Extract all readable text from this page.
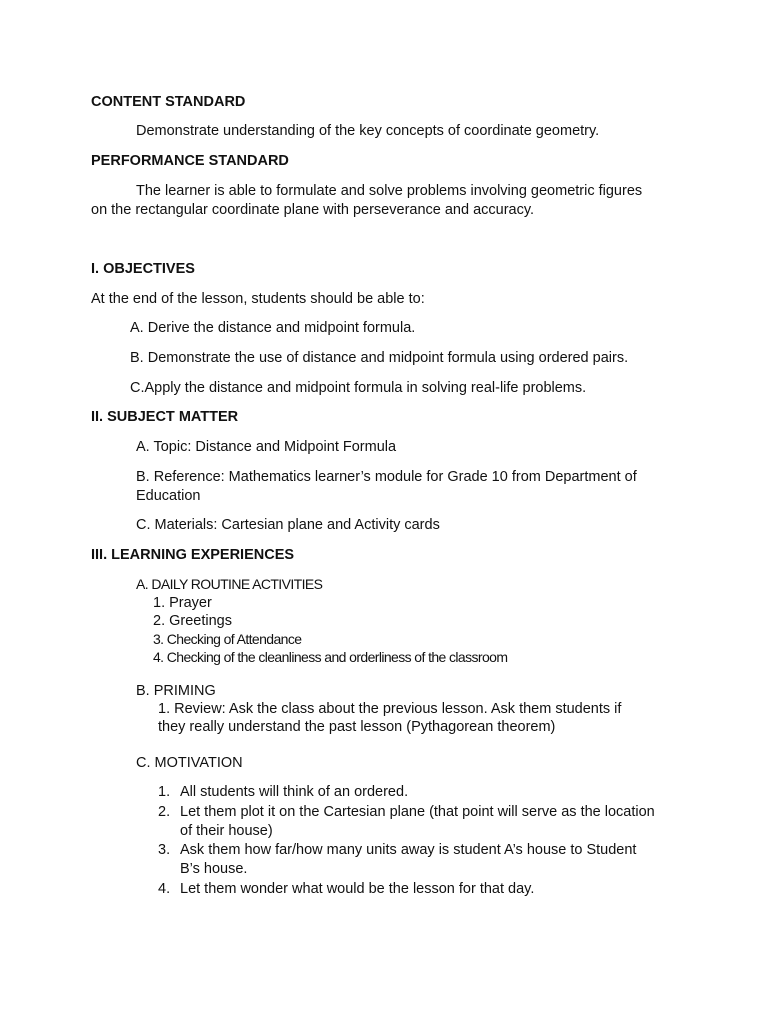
CONTENT STANDARD
Demonstrate understanding of the key concepts of coordinate geometry.
PERFORMANCE STANDARD
The learner is able to formulate and solve problems involving geometric figures
on the rectangular coordinate plane with perseverance and accuracy.
I. OBJECTIVES
At the end of the lesson, students should be able to:
A. Derive the distance and midpoint formula.
B. Demonstrate the use of distance and midpoint formula using ordered pairs.
C.Apply the distance and midpoint formula in solving real-life problems.
II. SUBJECT MATTER
A. Topic: Distance and Midpoint Formula
B. Reference: Mathematics learner’s module for Grade 10 from Department of
Education
C. Materials: Cartesian plane and Activity cards
III. LEARNING EXPERIENCES
A. DAILY ROUTINE ACTIVITIES
1. Prayer
2. Greetings
3. Checking of Attendance
4. Checking of the cleanliness and orderliness of the classroom
B. PRIMING
1. Review: Ask the class about the previous lesson. Ask them students if
they really understand the past lesson (Pythagorean theorem)
C. MOTIVATION
1. All students will think of an ordered.
2. Let them plot it on the Cartesian plane (that point will serve as the location
of their house)
3. Ask them how far/how many units away is student A’s house to Student
B’s house.
4. Let them wonder what would be the lesson for that day.
